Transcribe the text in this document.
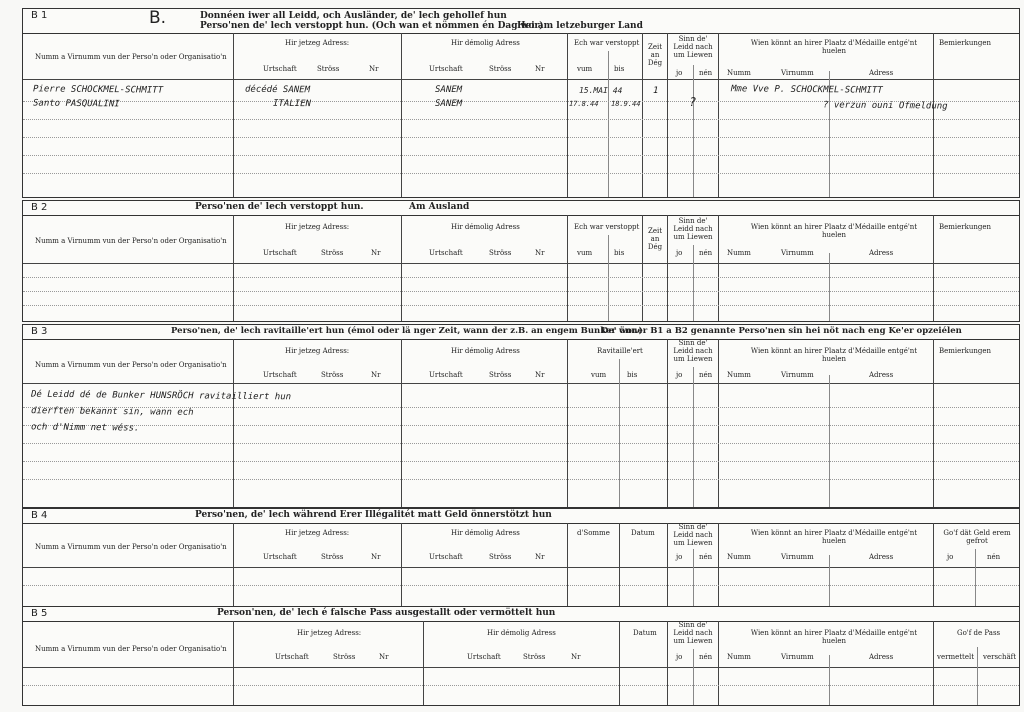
B 1	B.	Donnéen iwer all Leidd, och Ausländer, de' lech gehollef hun
Perso'nen de' lech verstoppt hun. (Och wan et nömmen én Dag wor)
Hei am letzeburger Land
Numm a Virnumm vun der Perso'n oder Organisatio'n
Hir jetzeg Adress:
Urtschaft	Ströss	Nr
Hir démolig Adress
Urtschaft	Ströss	Nr
Ech war verstoppt
vum	bis
Zeit
an
Dég
Sinn de' Leidd nach um Liewen
jo nén
Wien könnt an hirer Plaatz d'Médaille entgé'nt huelen
Numm	Virnumm	Adress
Bemierkungen
Pierre SCHOCKMEL-SCHMITT	décédé SANEM	SANEM	15.MAI 44	1	Mme Vve P. SCHOCKMEL-SCHMITT
Santo PASQUALINI	ITALIEN	SANEM	17.8.44 18.9.44	?	? verzun ouni Ofmeldung
B 2	Perso'nen de' lech verstoppt hun.	Am Ausland
Numm a Virnumm vun der Perso'n oder Organisatio'n
Hir jetzeg Adress:
Urtschaft	Ströss	Nr
Hir démolig Adress
Urtschaft	Ströss	Nr
Ech war verstoppt
vum	bis
Zeit
an
Dég
Sinn de' Leidd nach um Liewen
jo nén
Wien könnt an hirer Plaatz d'Médaille entgé'nt huelen
Numm	Virnumm	Adress
Bemierkungen
B 3	Perso'nen, de' lech ravitaille'ert hun (émol oder lä nger Zeit, wann der z.B. an engem Bunker wor.)
De' önner B1 a B2 genannte Perso'nen sin hei nöt nach eng Ke'er opzeiélen
Numm a Virnumm vun der Perso'n oder Organisatio'n
Hir jetzeg Adress:
Urtschaft	Ströss	Nr
Hir démolig Adress
Urtschaft	Ströss	Nr
Ravitaille'ert
vum	bis
Sinn de' Leidd nach um Liewen
jo nén
Wien könnt an hirer Plaatz d'Médaille entgé'nt huelen
Numm	Virnumm	Adress
Bemierkungen
Dé Leidd dé de Bunker HUNSRÖCH ravitailliert hun
dierften bekannt sin, wann ech
och d'Nimm net wéss.
B 4	Perso'nen, de' lech während Erer Illégalitét matt Geld önnerstötzt hun
Numm a Virnumm vun der Perso'n oder Organisatio'n
Hir jetzeg Adress:
Urtschaft	Ströss	Nr
Hir démolig Adress
Urtschaft	Ströss	Nr
d'Somme	Datum
Sinn de' Leidd nach um Liewen
jo nén
Wien könnt an hirer Plaatz d'Médaille entgé'nt huelen
Numm	Virnumm	Adress
Go'f dät Geld erem gefrot
jo	nén
B 5	Person'nen, de' lech é falsche Pass ausgestallt oder vermöttelt hun
Numm a Virnumm vun der Perso'n oder Organisatio'n
Hir jetzeg Adress:
Urtschaft	Ströss	Nr
Hir démolig Adress
Urtschaft	Ströss	Nr
Datum
Sinn de' Leidd nach um Liewen
jo nén
Wien könnt an hirer Plaatz d'Médaille entgé'nt huelen
Numm	Virnumm	Adress
Go'f de Pass
vermettelt verschäft
